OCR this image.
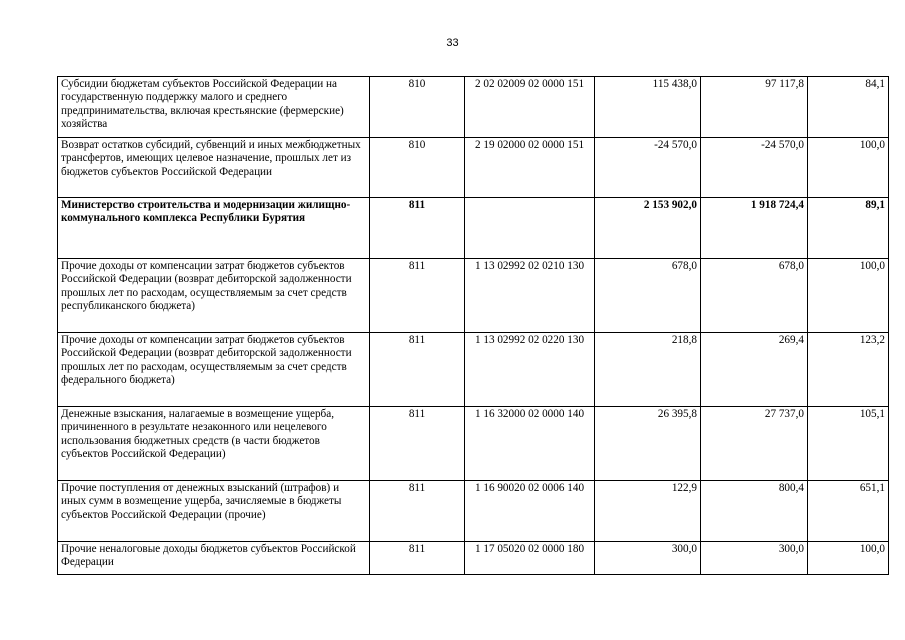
33
Субсидии бюджетам субъектов Российской Федерации на государственную поддержку малого и среднего предпринимательства, включая крестьянские (фермерские) хозяйства	810	2 02 02009 02 0000 151	115 438,0	97 117,8	84,1
Возврат остатков субсидий, субвенций и иных межбюджетных трансфертов, имеющих целевое назначение, прошлых лет из бюджетов субъектов Российской Федерации	810	2 19 02000 02 0000 151	-24 570,0	-24 570,0	100,0
Министерство строительства и модернизации жилищно-коммунального комплекса Республики Бурятия	811		2 153 902,0	1 918 724,4	89,1
Прочие доходы от компенсации затрат бюджетов субъектов Российской Федерации (возврат дебиторской задолженности прошлых лет по расходам, осуществляемым за счет средств республиканского бюджета)	811	1 13 02992 02 0210 130	678,0	678,0	100,0
Прочие доходы от компенсации затрат бюджетов субъектов Российской Федерации (возврат дебиторской задолженности прошлых лет по расходам, осуществляемым за счет средств федерального бюджета)	811	1 13 02992 02 0220 130	218,8	269,4	123,2
Денежные взыскания, налагаемые в возмещение ущерба, причиненного в результате незаконного или нецелевого использования бюджетных средств (в части бюджетов субъектов Российской Федерации)	811	1 16 32000 02 0000 140	26 395,8	27 737,0	105,1
Прочие поступления от денежных взысканий (штрафов) и иных сумм в возмещение ущерба, зачисляемые в бюджеты субъектов Российской Федерации (прочие)	811	1 16 90020 02 0006 140	122,9	800,4	651,1
Прочие неналоговые доходы бюджетов субъектов Российской Федерации	811	1 17 05020 02 0000 180	300,0	300,0	100,0
